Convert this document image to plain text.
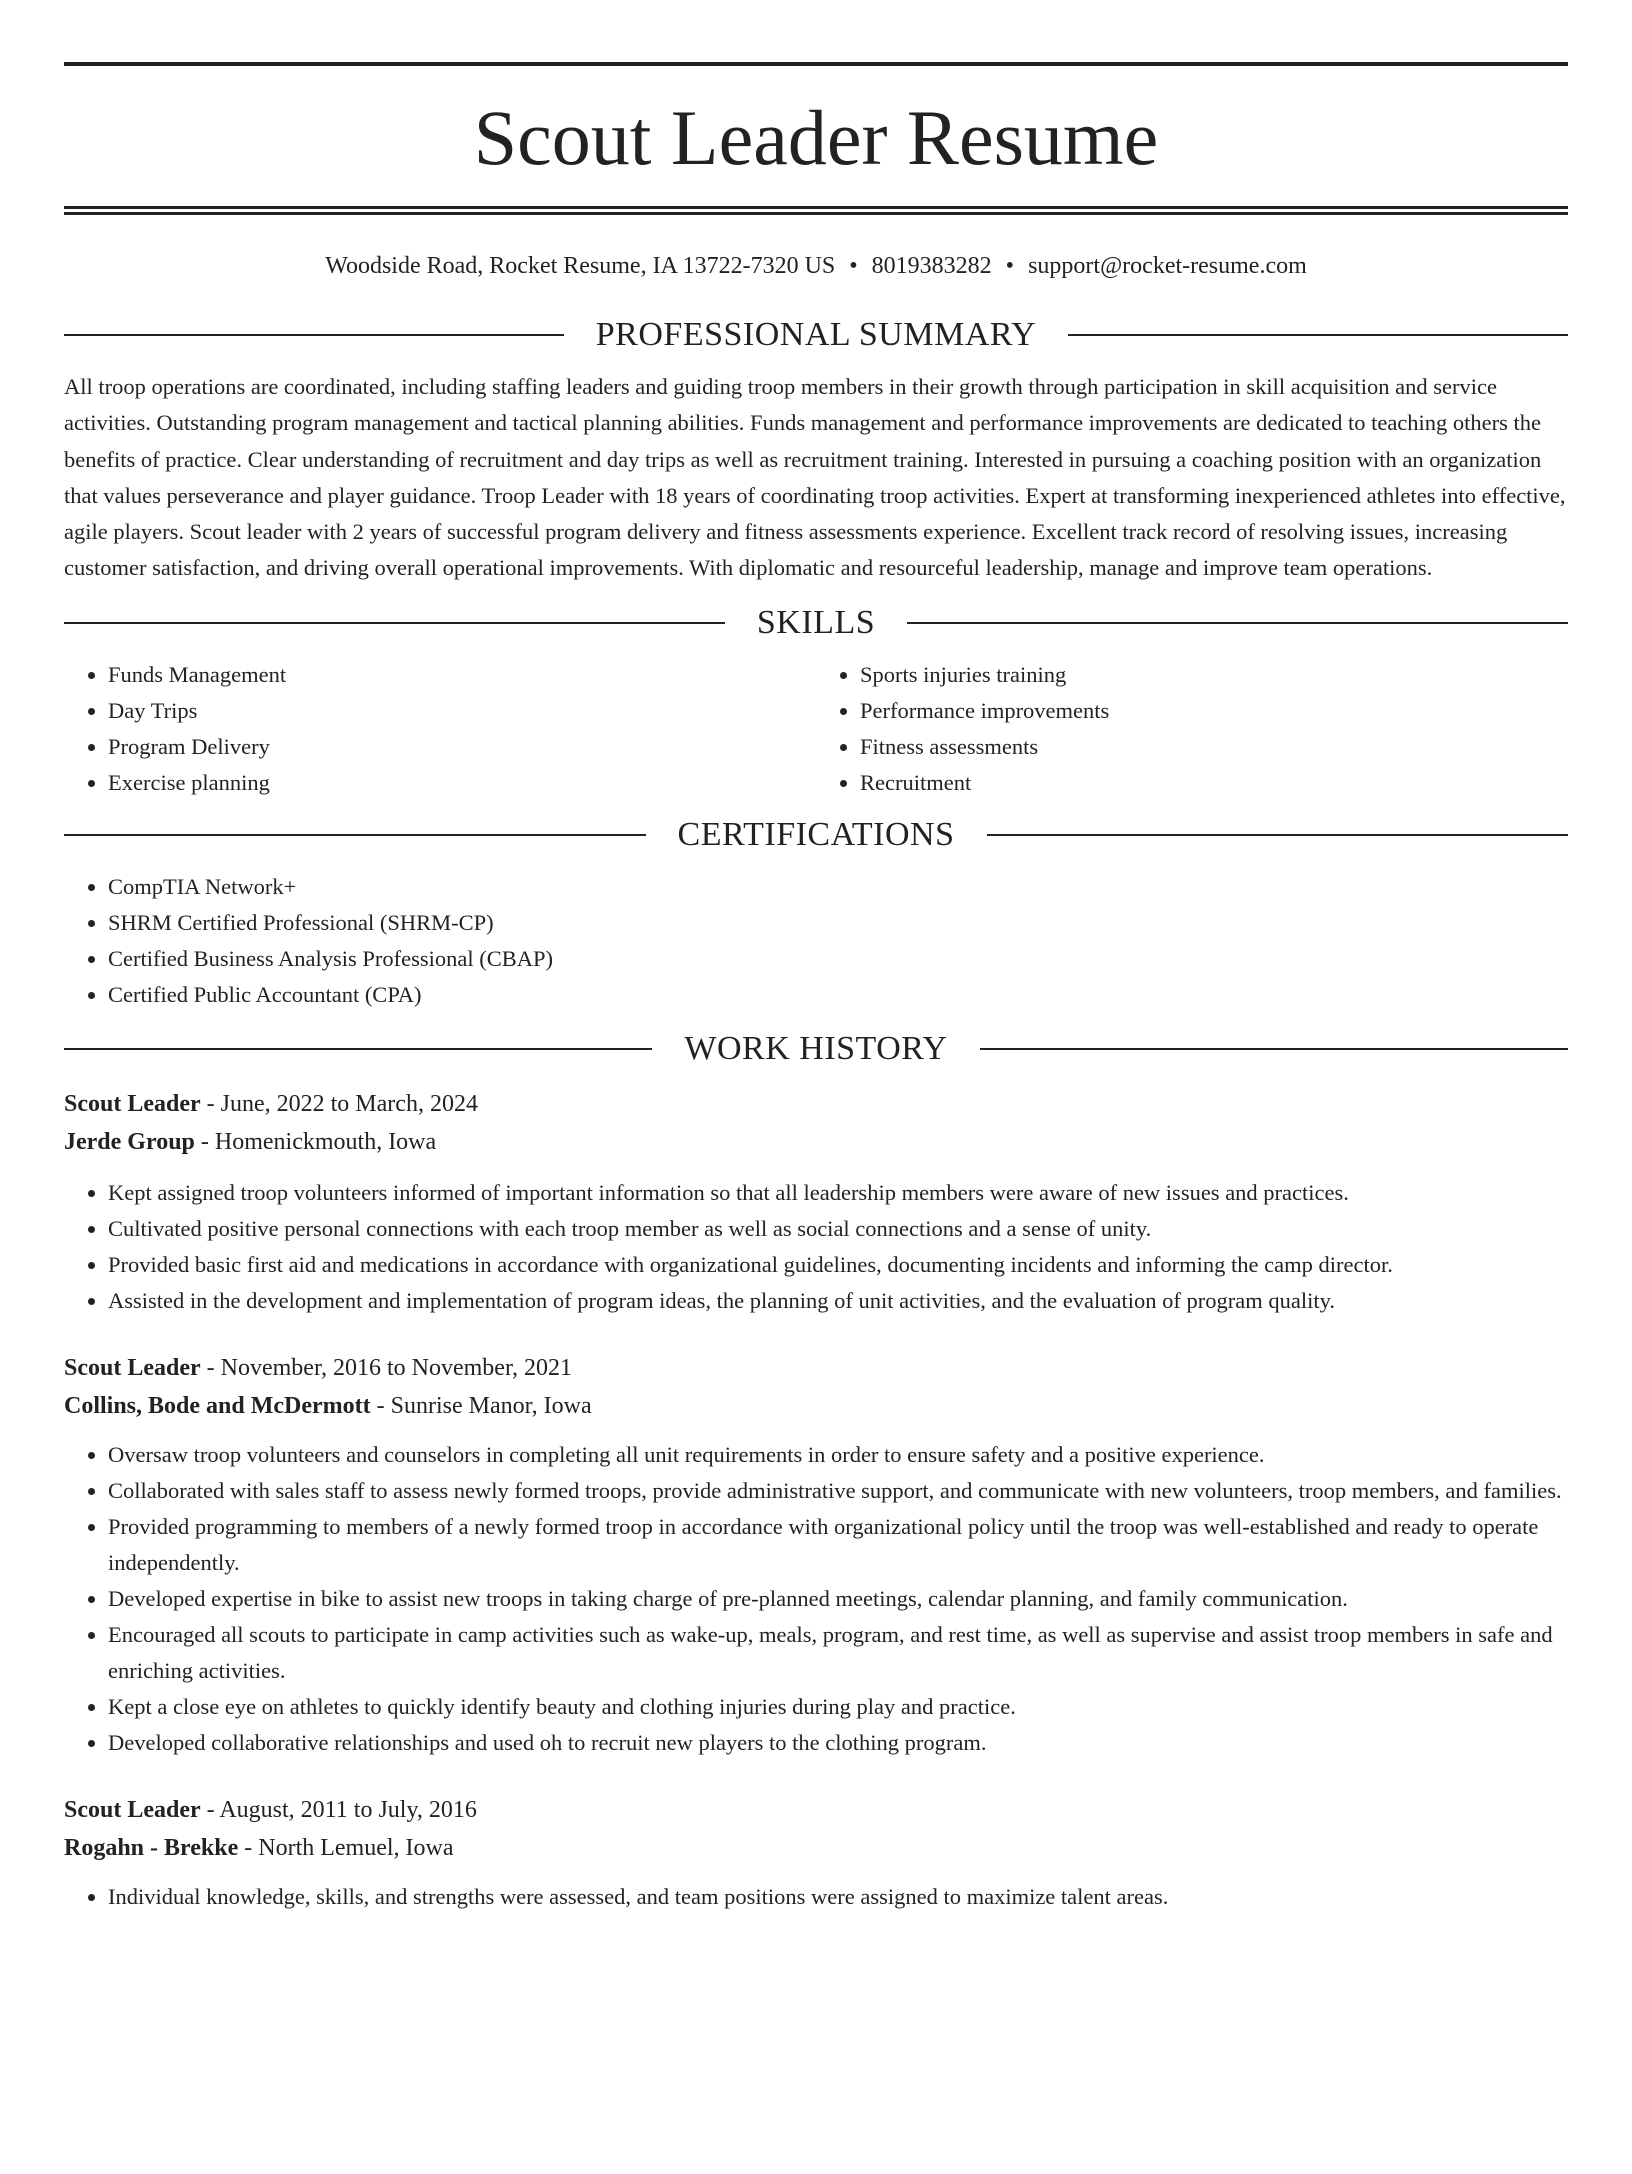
Scout Leader Resume
Woodside Road, Rocket Resume, IA 13722-7320 US • 8019383282 • support@rocket-resume.com
PROFESSIONAL SUMMARY

All troop operations are coordinated, including staffing leaders and guiding troop members in their growth through participation in skill acquisition and service activities. Outstanding program management and tactical planning abilities. Funds management and performance improvements are dedicated to teaching others the benefits of practice. Clear understanding of recruitment and day trips as well as recruitment training. Interested in pursuing a coaching position with an organization that values perseverance and player guidance. Troop Leader with 18 years of coordinating troop activities. Expert at transforming inexperienced athletes into effective, agile players. Scout leader with 2 years of successful program delivery and fitness assessments experience. Excellent track record of resolving issues, increasing customer satisfaction, and driving overall operational improvements. With diplomatic and resourceful leadership, manage and improve team operations.

SKILLS
• Funds Management
• Day Trips
• Program Delivery
• Exercise planning
• Sports injuries training
• Performance improvements
• Fitness assessments
• Recruitment
CERTIFICATIONS
• CompTIA Network+
• SHRM Certified Professional (SHRM-CP)
• Certified Business Analysis Professional (CBAP)
• Certified Public Accountant (CPA)
WORK HISTORY

Scout Leader - June, 2022 to March, 2024

Jerde Group - Homenickmouth, Iowa

• Kept assigned troop volunteers informed of important information so that all leadership members were aware of new issues and practices.
• Cultivated positive personal connections with each troop member as well as social connections and a sense of unity.
• Provided basic first aid and medications in accordance with organizational guidelines, documenting incidents and informing the camp director.
• Assisted in the development and implementation of program ideas, the planning of unit activities, and the evaluation of program quality.

Scout Leader - November, 2016 to November, 2021

Collins, Bode and McDermott - Sunrise Manor, Iowa

• Oversaw troop volunteers and counselors in completing all unit requirements in order to ensure safety and a positive experience.
• Collaborated with sales staff to assess newly formed troops, provide administrative support, and communicate with new volunteers, troop members, and families.
• Provided programming to members of a newly formed troop in accordance with organizational policy until the troop was well-established and ready to operate independently.
• Developed expertise in bike to assist new troops in taking charge of pre-planned meetings, calendar planning, and family communication.
• Encouraged all scouts to participate in camp activities such as wake-up, meals, program, and rest time, as well as supervise and assist troop members in safe and enriching activities.
• Kept a close eye on athletes to quickly identify beauty and clothing injuries during play and practice.
• Developed collaborative relationships and used oh to recruit new players to the clothing program.

Scout Leader - August, 2011 to July, 2016

Rogahn - Brekke - North Lemuel, Iowa

• Individual knowledge, skills, and strengths were assessed, and team positions were assigned to maximize talent areas.
